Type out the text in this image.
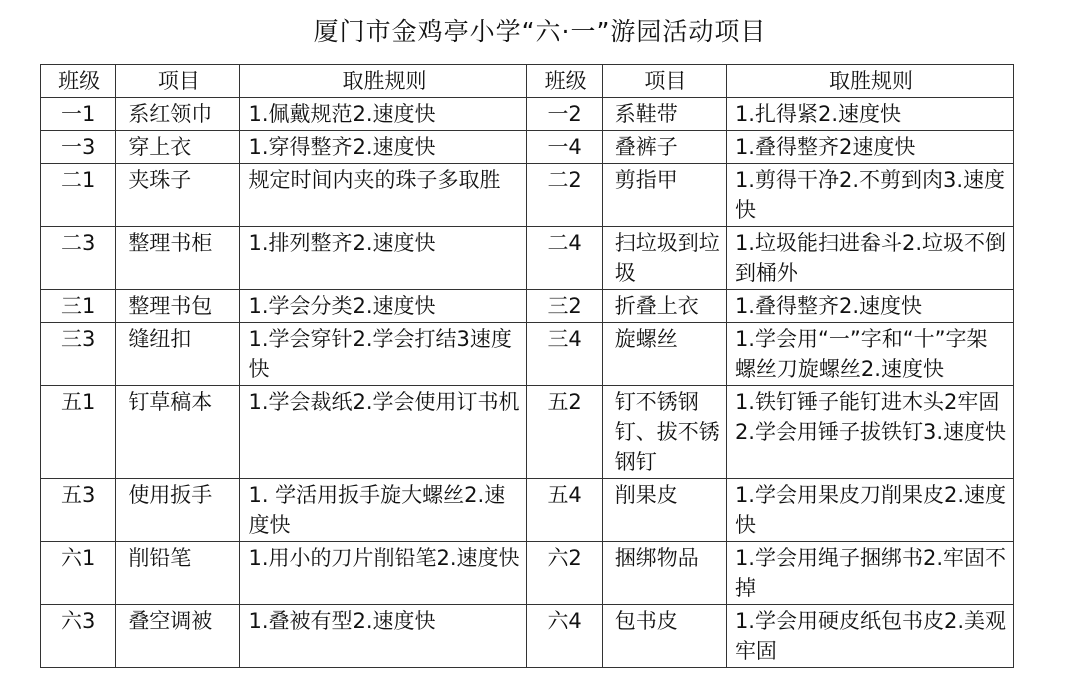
厦门市金鸡亭小学“六·一”游园活动项目
班级	项目	取胜规则	班级	项目	取胜规则
一1	系红领巾	1.佩戴规范2.速度快	一2	系鞋带	1.扎得紧2.速度快
一3	穿上衣	1.穿得整齐2.速度快	一4	叠裤子	1.叠得整齐2速度快
二1	夹珠子	规定时间内夹的珠子多取胜	二2	剪指甲	1.剪得干净2.不剪到肉3.速度快
二3	整理书柜	1.排列整齐2.速度快	二4	扫垃圾到垃圾	1.垃圾能扫进畚斗2.垃圾不倒到桶外
三1	整理书包	1.学会分类2.速度快	三2	折叠上衣	1.叠得整齐2.速度快
三3	缝纽扣	1.学会穿针2.学会打结3速度快	三4	旋螺丝	1.学会用“一”字和“十”字架螺丝刀旋螺丝2.速度快
五1	钉草稿本	1.学会裁纸2.学会使用订书机	五2	钉不锈钢钉、拔不锈钢钉	1.铁钉锤子能钉进木头2牢固2.学会用锤子拔铁钉3.速度快
五3	使用扳手	1. 学活用扳手旋大螺丝2.速度快	五4	削果皮	1.学会用果皮刀削果皮2.速度快
六1	削铅笔	1.用小的刀片削铅笔2.速度快	六2	捆绑物品	1.学会用绳子捆绑书2.牢固不掉
六3	叠空调被	1.叠被有型2.速度快	六4	包书皮	1.学会用硬皮纸包书皮2.美观牢固
